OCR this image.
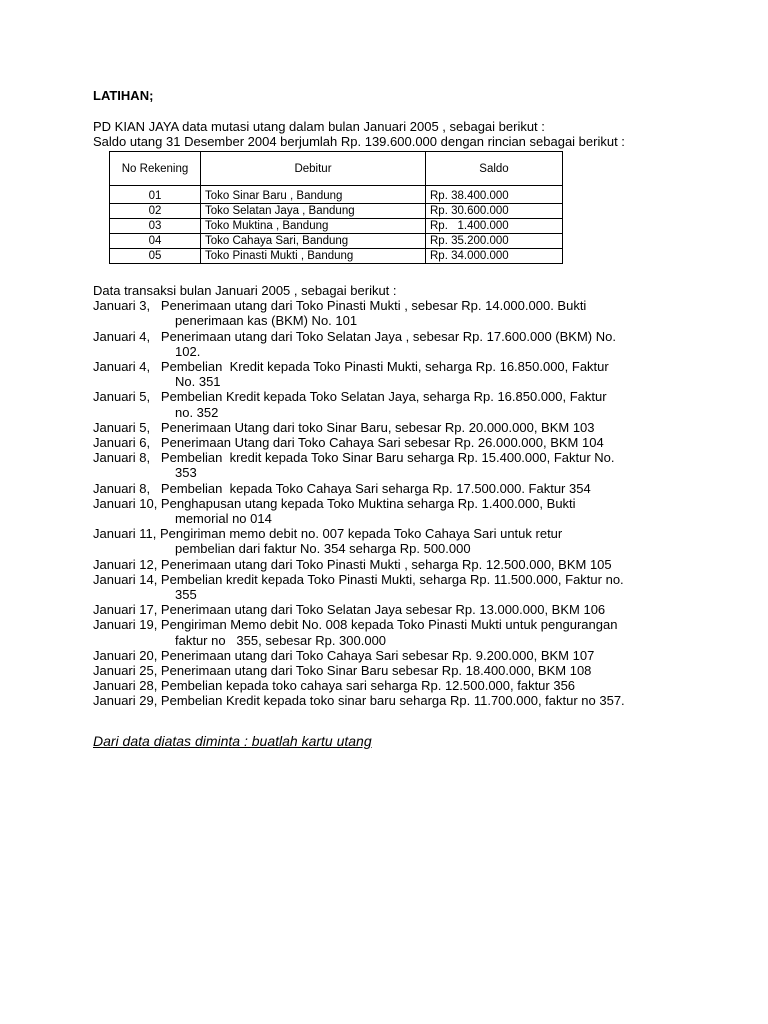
LATIHAN;
PD KIAN JAYA data mutasi utang dalam bulan Januari 2005 , sebagai berikut :
Saldo utang 31 Desember 2004 berjumlah Rp. 139.600.000 dengan rincian sebagai berikut :
No Rekening	Debitur	Saldo
01	Toko Sinar Baru , Bandung	Rp. 38.400.000
02	Toko Selatan Jaya , Bandung	Rp. 30.600.000
03	Toko Muktina , Bandung	Rp.   1.400.000
04	Toko Cahaya Sari, Bandung	Rp. 35.200.000
05	Toko Pinasti Mukti , Bandung	Rp. 34.000.000
Data transaksi bulan Januari 2005 , sebagai berikut :
Januari 3,   Penerimaan utang dari Toko Pinasti Mukti , sebesar Rp. 14.000.000. Bukti
penerimaan kas (BKM) No. 101
Januari 4,   Penerimaan utang dari Toko Selatan Jaya , sebesar Rp. 17.600.000 (BKM) No.
102.
Januari 4,   Pembelian  Kredit kepada Toko Pinasti Mukti, seharga Rp. 16.850.000, Faktur
No. 351
Januari 5,   Pembelian Kredit kepada Toko Selatan Jaya, seharga Rp. 16.850.000, Faktur
no. 352
Januari 5,   Penerimaan Utang dari toko Sinar Baru, sebesar Rp. 20.000.000, BKM 103
Januari 6,   Penerimaan Utang dari Toko Cahaya Sari sebesar Rp. 26.000.000, BKM 104
Januari 8,   Pembelian  kredit kepada Toko Sinar Baru seharga Rp. 15.400.000, Faktur No.
353
Januari 8,   Pembelian  kepada Toko Cahaya Sari seharga Rp. 17.500.000. Faktur 354
Januari 10, Penghapusan utang kepada Toko Muktina seharga Rp. 1.400.000, Bukti
memorial no 014
Januari 11, Pengiriman memo debit no. 007 kepada Toko Cahaya Sari untuk retur
pembelian dari faktur No. 354 seharga Rp. 500.000
Januari 12, Penerimaan utang dari Toko Pinasti Mukti , seharga Rp. 12.500.000, BKM 105
Januari 14, Pembelian kredit kepada Toko Pinasti Mukti, seharga Rp. 11.500.000, Faktur no.
355
Januari 17, Penerimaan utang dari Toko Selatan Jaya sebesar Rp. 13.000.000, BKM 106
Januari 19, Pengiriman Memo debit No. 008 kepada Toko Pinasti Mukti untuk pengurangan
faktur no   355, sebesar Rp. 300.000
Januari 20, Penerimaan utang dari Toko Cahaya Sari sebesar Rp. 9.200.000, BKM 107
Januari 25, Penerimaan utang dari Toko Sinar Baru sebesar Rp. 18.400.000, BKM 108
Januari 28, Pembelian kepada toko cahaya sari seharga Rp. 12.500.000, faktur 356
Januari 29, Pembelian Kredit kepada toko sinar baru seharga Rp. 11.700.000, faktur no 357.
Dari data diatas diminta : buatlah kartu utang
